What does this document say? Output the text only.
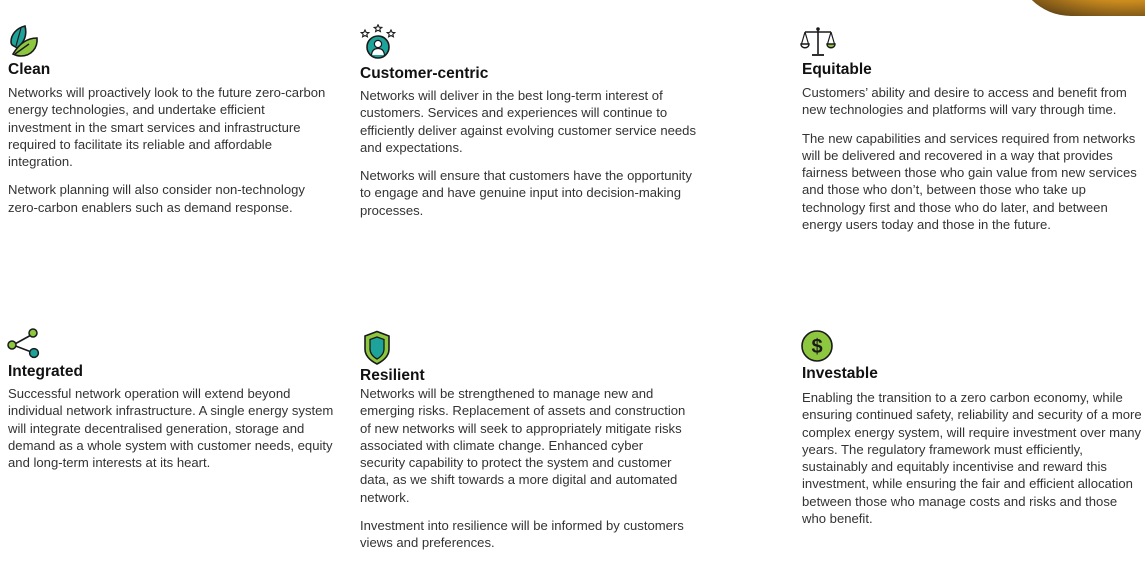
Clean

Networks will proactively look to the future zero-carbon energy technologies, and undertake efficient investment in the smart services and infrastructure required to facilitate its reliable and affordable integration.

Network planning will also consider non-technology zero-carbon enablers such as demand response.

Customer-centric

Networks will deliver in the best long-term interest of customers. Services and experiences will continue to efficiently deliver against evolving customer service needs and expectations.

Networks will ensure that customers have the opportunity to engage and have genuine input into decision-making processes.

Equitable

Customers’ ability and desire to access and benefit from new technologies and platforms will vary through time.

The new capabilities and services required from networks will be delivered and recovered in a way that provides fairness between those who gain value from new services and those who don’t, between those who take up technology first and those who do later, and between energy users today and those in the future.

Integrated

Successful network operation will extend beyond individual network infrastructure. A single energy system will integrate decentralised generation, storage and demand as a whole system with customer needs, equity and long-term interests at its heart.

Resilient

Networks will be strengthened to manage new and emerging risks. Replacement of assets and construction of new networks will seek to appropriately mitigate risks associated with climate change. Enhanced cyber security capability to protect the system and customer data, as we shift towards a more digital and automated network.

Investment into resilience will be informed by customers views and preferences.

$
Investable

Enabling the transition to a zero carbon economy, while ensuring continued safety, reliability and security of a more complex energy system, will require investment over many years. The regulatory framework must efficiently, sustainably and equitably incentivise and reward this investment, while ensuring the fair and efficient allocation between those who manage costs and risks and those who benefit.
